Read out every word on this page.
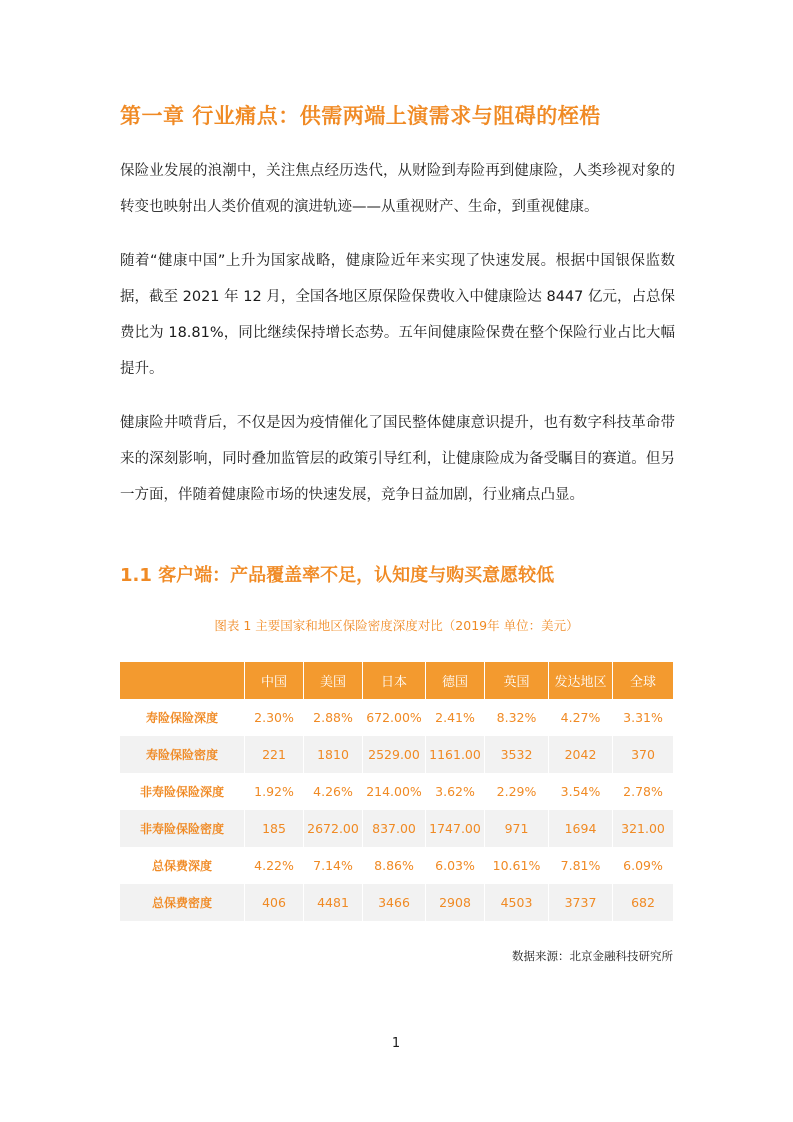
第一章 行业痛点：供需两端上演需求与阻碍的桎梏
保险业发展的浪潮中，关注焦点经历迭代，从财险到寿险再到健康险，人类珍视对象的转变也映射出人类价值观的演进轨迹——从重视财产、生命，到重视健康。
随着“健康中国”上升为国家战略，健康险近年来实现了快速发展。根据中国银保监数据，截至 2021 年 12 月，全国各地区原保险保费收入中健康险达 8447 亿元，占总保费比为 18.81%，同比继续保持增长态势。五年间健康险保费在整个保险行业占比大幅提升。
健康险井喷背后，不仅是因为疫情催化了国民整体健康意识提升，也有数字科技革命带来的深刻影响，同时叠加监管层的政策引导红利，让健康险成为备受瞩目的赛道。但另一方面，伴随着健康险市场的快速发展，竞争日益加剧，行业痛点凸显。
1.1 客户端：产品覆盖率不足，认知度与购买意愿较低
图表 1 主要国家和地区保险密度深度对比（2019年 单位：美元）
	中国	美国	日本	德国	英国	发达地区	全球
寿险保险深度	2.30%	2.88%	672.00%	2.41%	8.32%	4.27%	3.31%
寿险保险密度	221	1810	2529.00	1161.00	3532	2042	370
非寿险保险深度	1.92%	4.26%	214.00%	3.62%	2.29%	3.54%	2.78%
非寿险保险密度	185	2672.00	837.00	1747.00	971	1694	321.00
总保费深度	4.22%	7.14%	8.86%	6.03%	10.61%	7.81%	6.09%
总保费密度	406	4481	3466	2908	4503	3737	682
数据来源：北京金融科技研究所
1
